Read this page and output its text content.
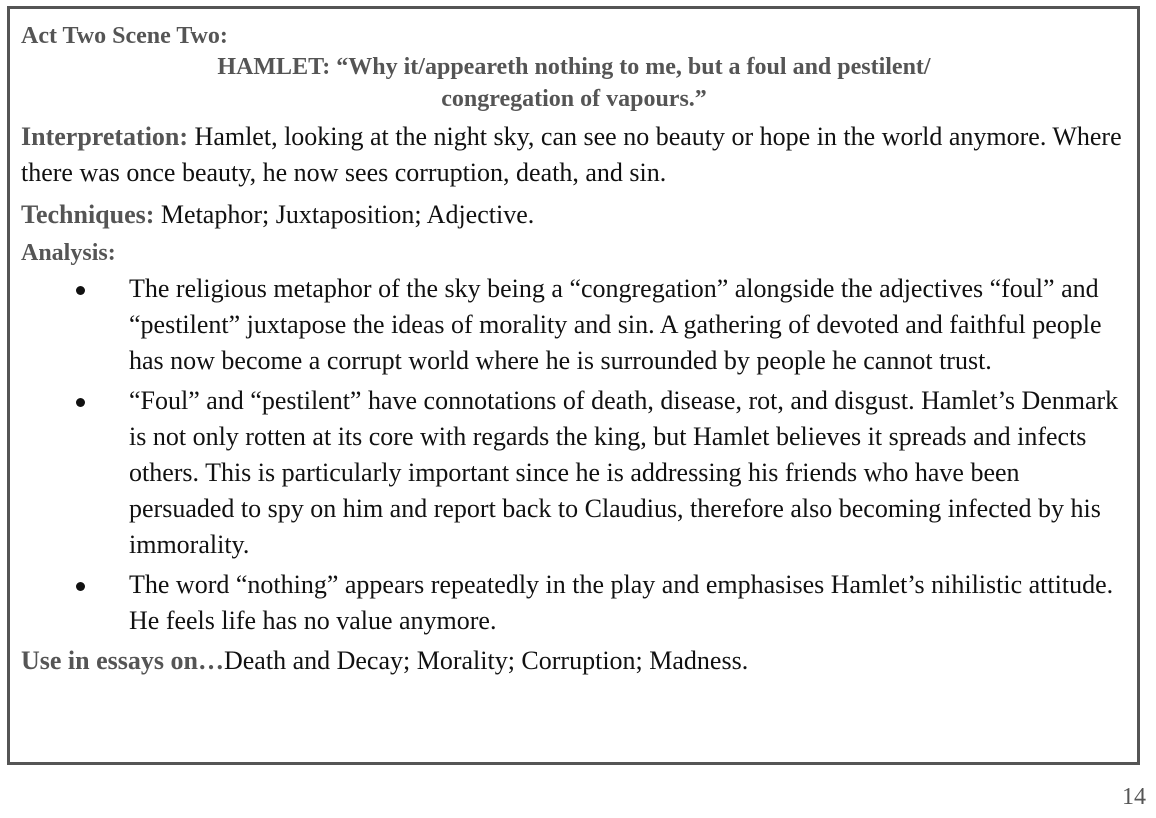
Act Two Scene Two:
HAMLET: “Why it/appeareth nothing to me, but a foul and pestilent/
congregation of vapours.”
Interpretation: Hamlet, looking at the night sky, can see no beauty or hope in the world anymore. Where there was once beauty, he now sees corruption, death, and sin.
Techniques: Metaphor; Juxtaposition; Adjective.
Analysis:
The religious metaphor of the sky being a “congregation” alongside the adjectives “foul” and “pestilent” juxtapose the ideas of morality and sin. A gathering of devoted and faithful people has now become a corrupt world where he is surrounded by people he cannot trust.
“Foul” and “pestilent” have connotations of death, disease, rot, and disgust. Hamlet’s Denmark is not only rotten at its core with regards the king, but Hamlet believes it spreads and infects others. This is particularly important since he is addressing his friends who have been persuaded to spy on him and report back to Claudius, therefore also becoming infected by his immorality.
The word “nothing” appears repeatedly in the play and emphasises Hamlet’s nihilistic attitude. He feels life has no value anymore.
Use in essays on…Death and Decay; Morality; Corruption; Madness.
14
